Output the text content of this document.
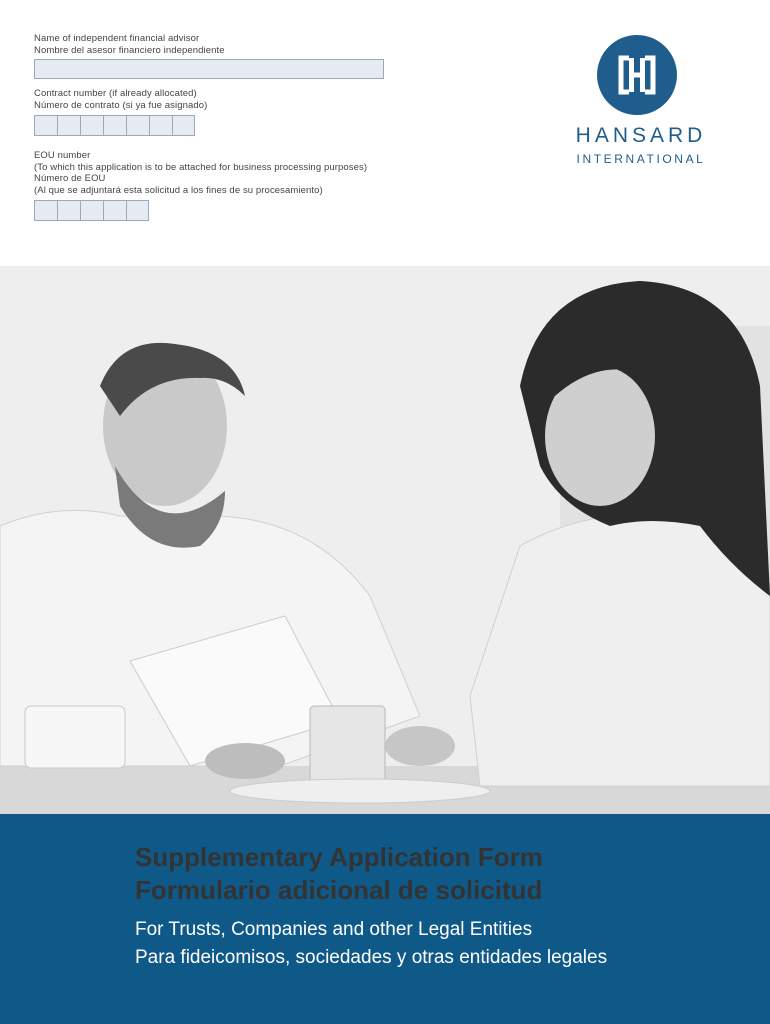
Name of independent financial advisor
Nombre del asesor financiero independiente
Contract number (if already allocated)
Número de contrato (si ya fue asignado)
EOU number
(To which this application is to be attached for business processing purposes)
Número de EOU
(Al que se adjuntará esta solicitud a los fines de su procesamiento)
HANSARD
INTERNATIONAL
Supplementary Application Form
Formulario adicional de solicitud
For Trusts, Companies and other Legal Entities
Para fideicomisos, sociedades y otras entidades legales
